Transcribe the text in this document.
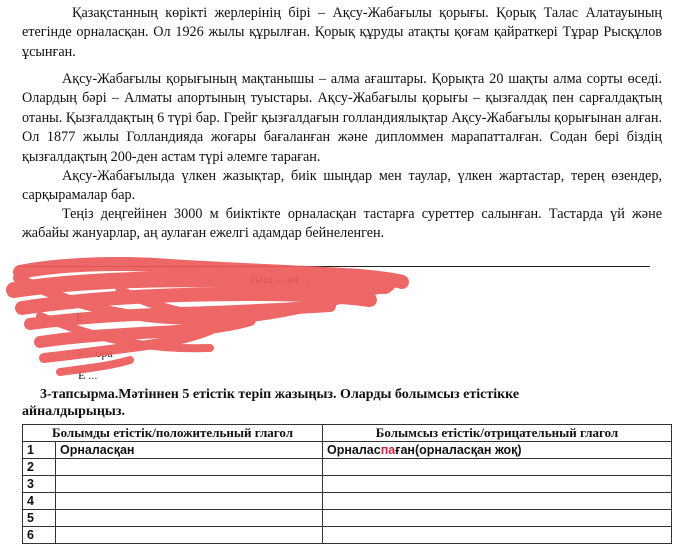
Қазақстанның көрікті жерлерінің бірі – Ақсу-Жабағылы қорығы. Қорық Талас Алатауының етегінде орналасқан. Ол 1926 жылы құрылған. Қорық құруды атақты қоғам қайраткері Тұрар Рысқұлов ұсынған.

Ақсу-Жабағылы қорығының мақтанышы – алма ағаштары. Қорықта 20 шақты алма сорты өседі. Олардың бәрі – Алматы апортының туыстары. Ақсу-Жабағылы қорығы – қызғалдақ пен сарғалдақтың отаны. Қызғалдақтың 6 түрі бар. Грейг қызғалдағын голландиялықтар Ақсу-Жабағылы қорығынан алған. Ол 1877 жылы Голландияда жоғары бағаланған және дипломмен марапатталған. Содан бері біздің қызғалдақтың 200-ден астам түрі әлемге тараған.

Ақсу-Жабағылыда үлкен жазықтар, биік шыңдар мен таулар, үлкен жартастар, терең өзендер, сарқырамалар бар.

Теңіз деңгейінен 3000 м биіктікте орналасқан тастарға суреттер салынған. Тастарда үй және жабайы жануарлар, аң аулаған ежелгі адамдар бейнеленген.

ғыш ... ан ...
Е
ә ...ора
Е ...
3-тапсырма.Мәтіннен 5 етістік теріп жазыңыз. Оларды болымсыз етістікке
айналдырыңыз.
Болымды етістік/положительный глагол		Болымсыз етістік/отрицательный глагол
1	Орналасқан	Орналаспаған(орналасқан жоқ)
2		
3		
4		
5		
6		
